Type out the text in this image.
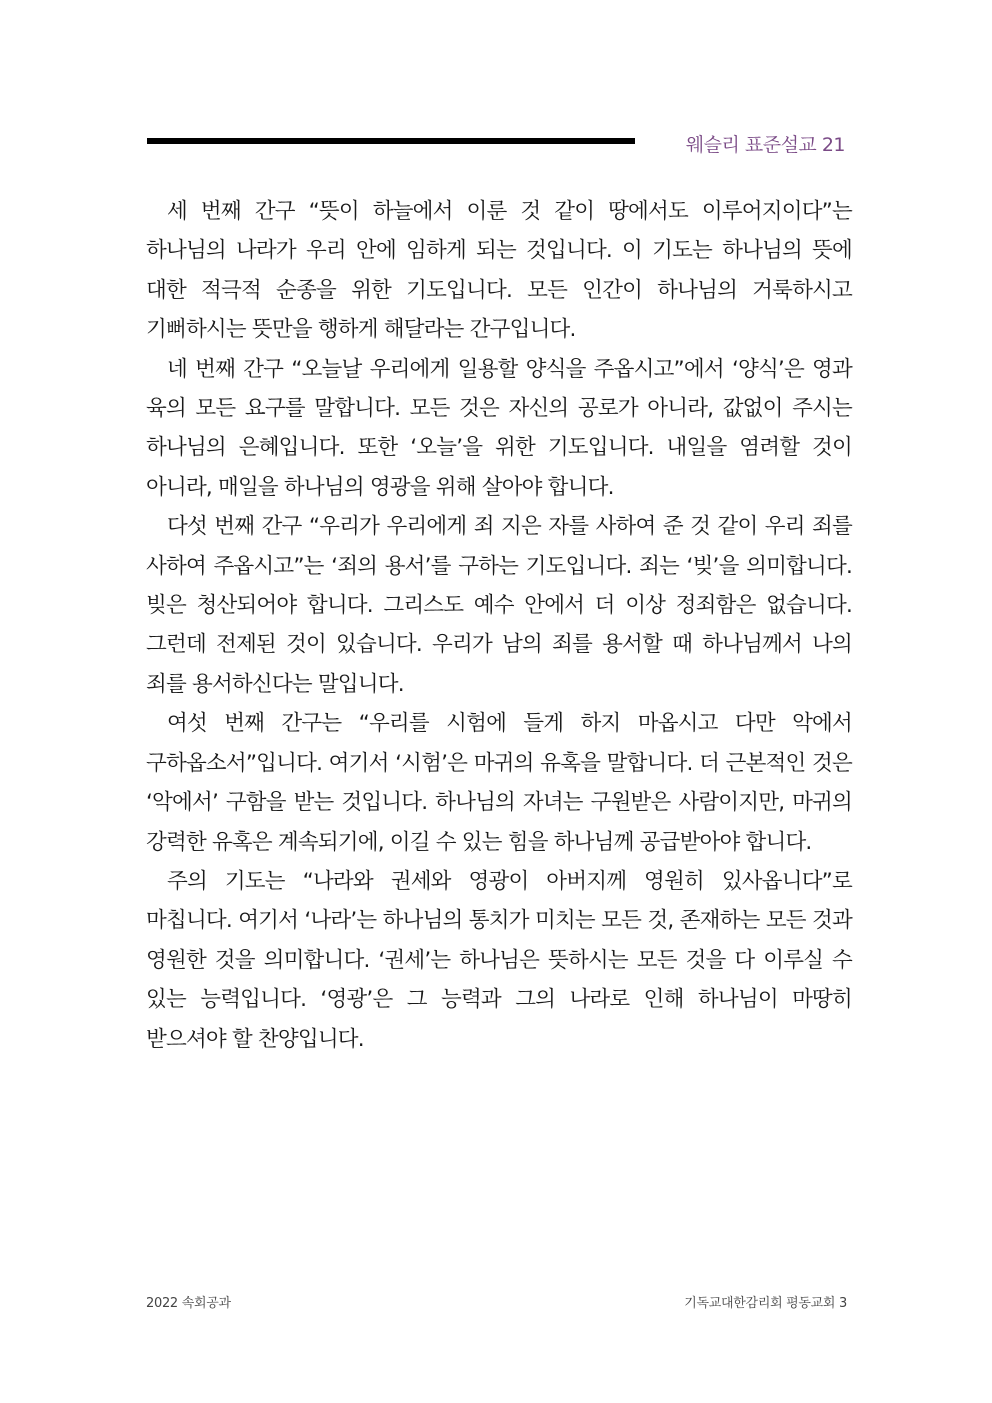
웨슬리 표준설교 21

세 번째 간구 “뜻이 하늘에서 이룬 것 같이 땅에서도 이루어지이다”는 하나님의 나라가 우리 안에 임하게 되는 것입니다. 이 기도는 하나님의 뜻에 대한 적극적 순종을 위한 기도입니다. 모든 인간이 하나님의 거룩하시고 기뻐하시는 뜻만을 행하게 해달라는 간구입니다.

네 번째 간구 “오늘날 우리에게 일용할 양식을 주옵시고”에서 ‘양식’은 영과 육의 모든 요구를 말합니다. 모든 것은 자신의 공로가 아니라, 값없이 주시는 하나님의 은혜입니다. 또한 ‘오늘’을 위한 기도입니다. 내일을 염려할 것이 아니라, 매일을 하나님의 영광을 위해 살아야 합니다.

다섯 번째 간구 “우리가 우리에게 죄 지은 자를 사하여 준 것 같이 우리 죄를 사하여 주옵시고”는 ‘죄의 용서’를 구하는 기도입니다. 죄는 ‘빚’을 의미합니다. 빚은 청산되어야 합니다. 그리스도 예수 안에서 더 이상 정죄함은 없습니다. 그런데 전제된 것이 있습니다. 우리가 남의 죄를 용서할 때 하나님께서 나의 죄를 용서하신다는 말입니다.

여섯 번째 간구는 “우리를 시험에 들게 하지 마옵시고 다만 악에서 구하옵소서”입니다. 여기서 ‘시험’은 마귀의 유혹을 말합니다. 더 근본적인 것은 ‘악에서’ 구함을 받는 것입니다. 하나님의 자녀는 구원받은 사람이지만, 마귀의 강력한 유혹은 계속되기에, 이길 수 있는 힘을 하나님께 공급받아야 합니다.

주의 기도는 “나라와 권세와 영광이 아버지께 영원히 있사옵니다”로 마칩니다. 여기서 ‘나라’는 하나님의 통치가 미치는 모든 것, 존재하는 모든 것과 영원한 것을 의미합니다. ‘권세’는 하나님은 뜻하시는 모든 것을 다 이루실 수 있는 능력입니다. ‘영광’은 그 능력과 그의 나라로 인해 하나님이 마땅히 받으셔야 할 찬양입니다.

2022 속회공과	기독교대한감리회 평동교회 3
